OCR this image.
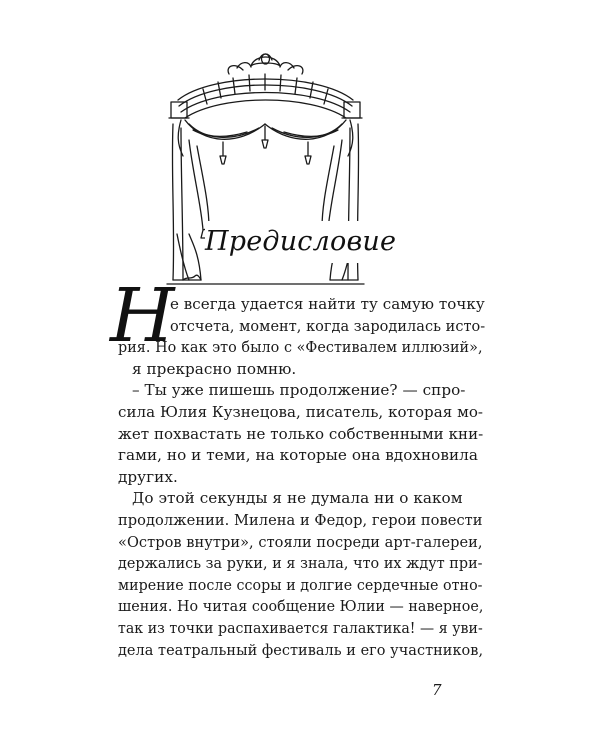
Предисловие
Н
е всегда удается найти ту самую точку
отсчета, момент, когда зародилась исто-
рия. Но как это было с «Фестивалем иллюзий»,
я прекрасно помню.
– Ты уже пишешь продолжение? — спро-
сила Юлия Кузнецова, писатель, которая мо-
жет похвастать не только собственными кни-
гами, но и теми, на которые она вдохновила
других.
До этой секунды я не думала ни о каком
продолжении. Милена и Федор, герои повести
«Остров внутри», стояли посреди арт-галереи,
держались за руки, и я знала, что их ждут при-
мирение после ссоры и долгие сердечные отно-
шения. Но читая сообщение Юлии — наверное,
так из точки распахивается галактика! — я уви-
дела театральный фестиваль и его участников,
7
